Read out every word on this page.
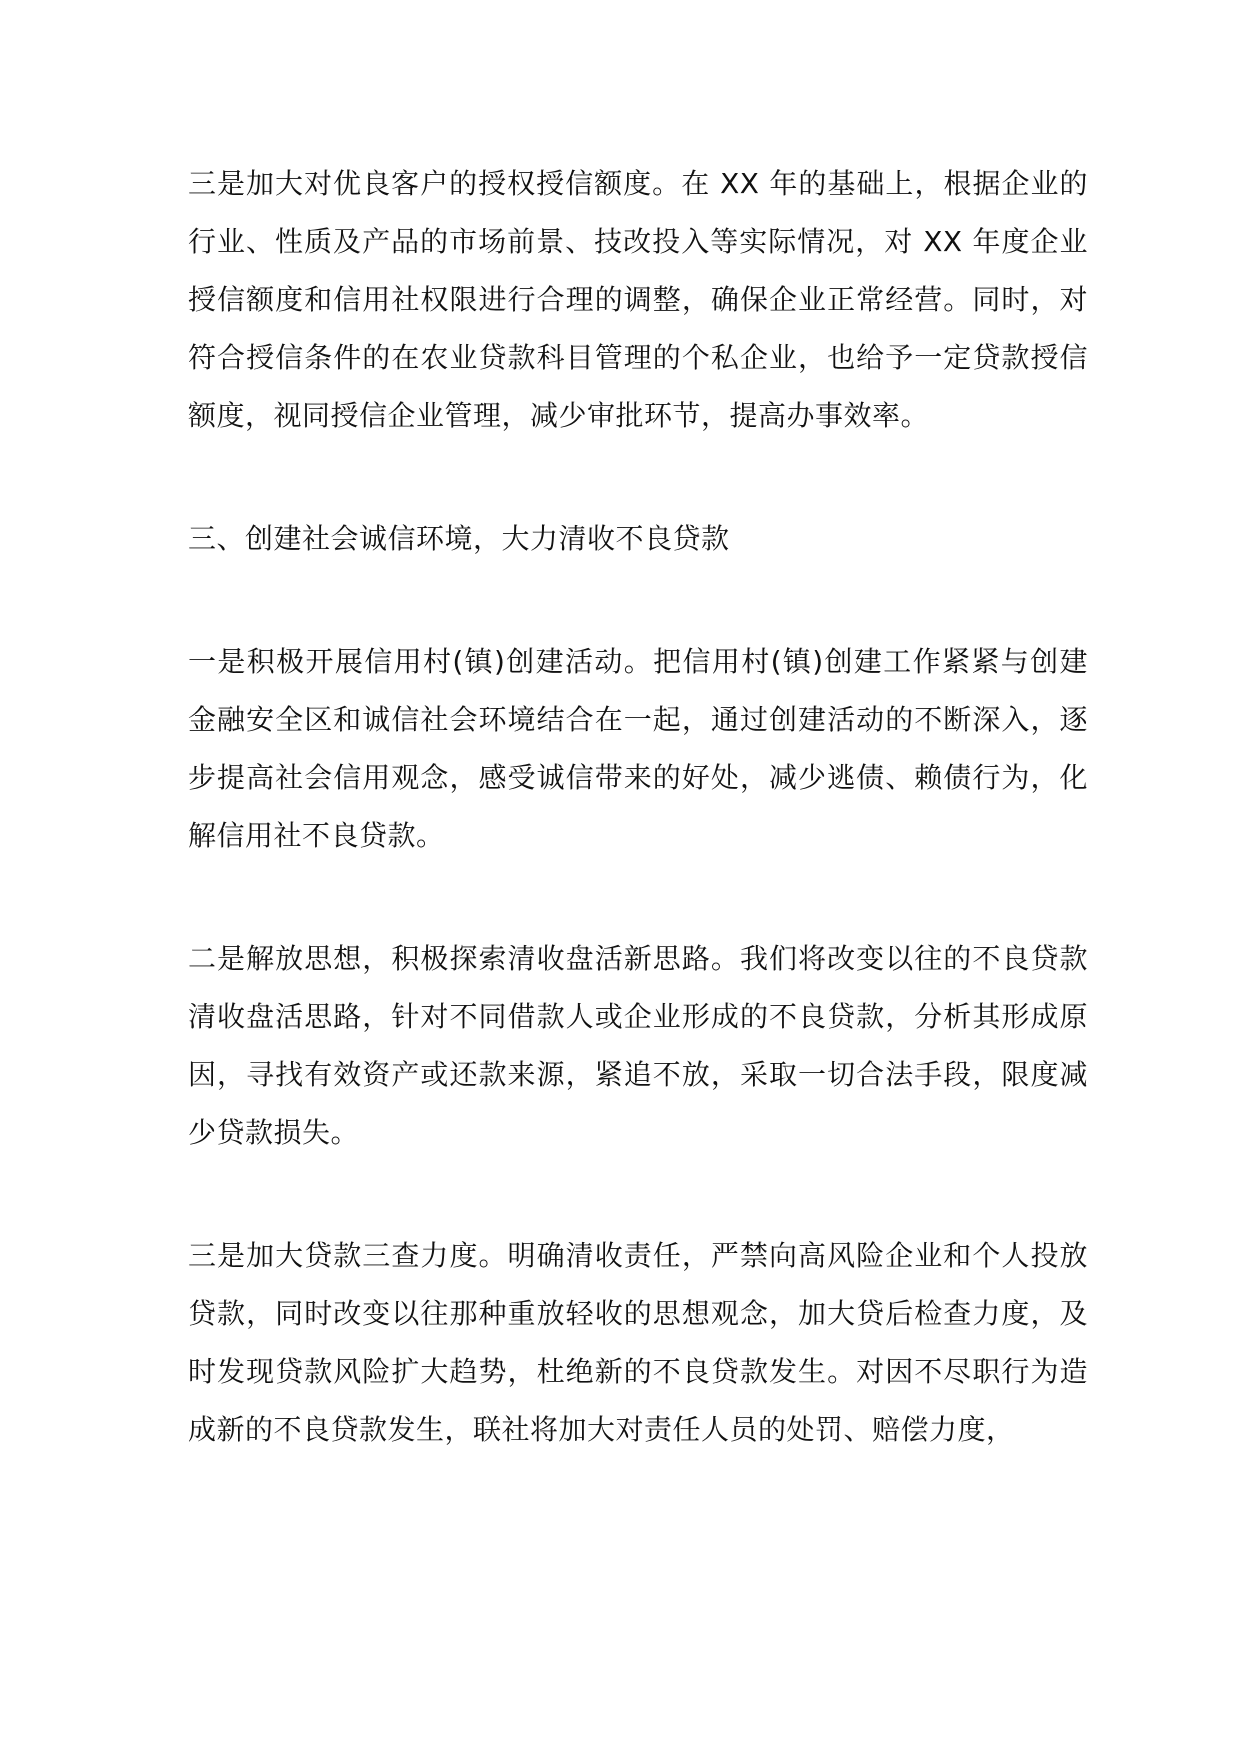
三是加大对优良客户的授权授信额度。在 XX 年的基础上，根据企业的行业、性质及产品的市场前景、技改投入等实际情况，对 XX 年度企业授信额度和信用社权限进行合理的调整，确保企业正常经营。同时，对符合授信条件的在农业贷款科目管理的个私企业，也给予一定贷款授信额度，视同授信企业管理，减少审批环节，提高办事效率。

三、创建社会诚信环境，大力清收不良贷款

一是积极开展信用村(镇)创建活动。把信用村(镇)创建工作紧紧与创建金融安全区和诚信社会环境结合在一起，通过创建活动的不断深入，逐步提高社会信用观念，感受诚信带来的好处，减少逃债、赖债行为，化解信用社不良贷款。

二是解放思想，积极探索清收盘活新思路。我们将改变以往的不良贷款清收盘活思路，针对不同借款人或企业形成的不良贷款，分析其形成原因，寻找有效资产或还款来源，紧追不放，采取一切合法手段，限度减少贷款损失。

三是加大贷款三查力度。明确清收责任，严禁向高风险企业和个人投放贷款，同时改变以往那种重放轻收的思想观念，加大贷后检查力度，及时发现贷款风险扩大趋势，杜绝新的不良贷款发生。对因不尽职行为造成新的不良贷款发生，联社将加大对责任人员的处罚、赔偿力度，
